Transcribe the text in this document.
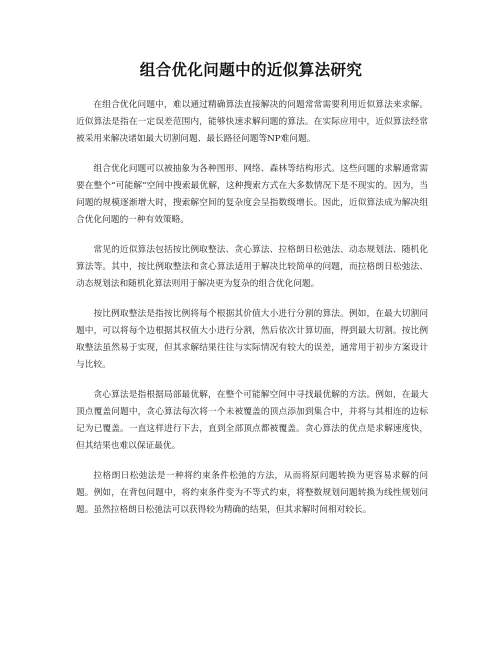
组合优化问题中的近似算法研究

在组合优化问题中，难以通过精确算法直接解决的问题常常需要利用近似算法来求解。近似算法是指在一定误差范围内，能够快速求解问题的算法。在实际应用中，近似算法经常被采用来解决诸如最大切割问题、最长路径问题等NP难问题。

组合优化问题可以被抽象为各种图形、网络、森林等结构形式。这些问题的求解通常需要在整个“可能解”空间中搜索最优解，这种搜索方式在大多数情况下是不现实的。因为，当问题的规模逐渐增大时，搜索解空间的复杂度会呈指数级增长。因此，近似算法成为解决组合优化问题的一种有效策略。

常见的近似算法包括按比例取整法、贪心算法、拉格朗日松弛法、动态规划法、随机化算法等。其中，按比例取整法和贪心算法适用于解决比较简单的问题，而拉格朗日松弛法、动态规划法和随机化算法则用于解决更为复杂的组合优化问题。

按比例取整法是指按比例将每个根据其价值大小进行分割的算法。例如，在最大切割问题中，可以将每个边根据其权值大小进行分割，然后依次计算切面，得到最大切割。按比例取整法虽然易于实现，但其求解结果往往与实际情况有较大的误差，通常用于初步方案设计与比较。

贪心算法是指根据局部最优解，在整个可能解空间中寻找最优解的方法。例如，在最大顶点覆盖问题中，贪心算法每次将一个未被覆盖的顶点添加到集合中，并将与其相连的边标记为已覆盖。一直这样进行下去，直到全部顶点都被覆盖。贪心算法的优点是求解速度快，但其结果也难以保证最优。

拉格朗日松弛法是一种将约束条件松弛的方法，从而将原问题转换为更容易求解的问题。例如，在背包问题中，将约束条件变为不等式约束，将整数规划问题转换为线性规划问题。虽然拉格朗日松弛法可以获得较为精确的结果，但其求解时间相对较长。
